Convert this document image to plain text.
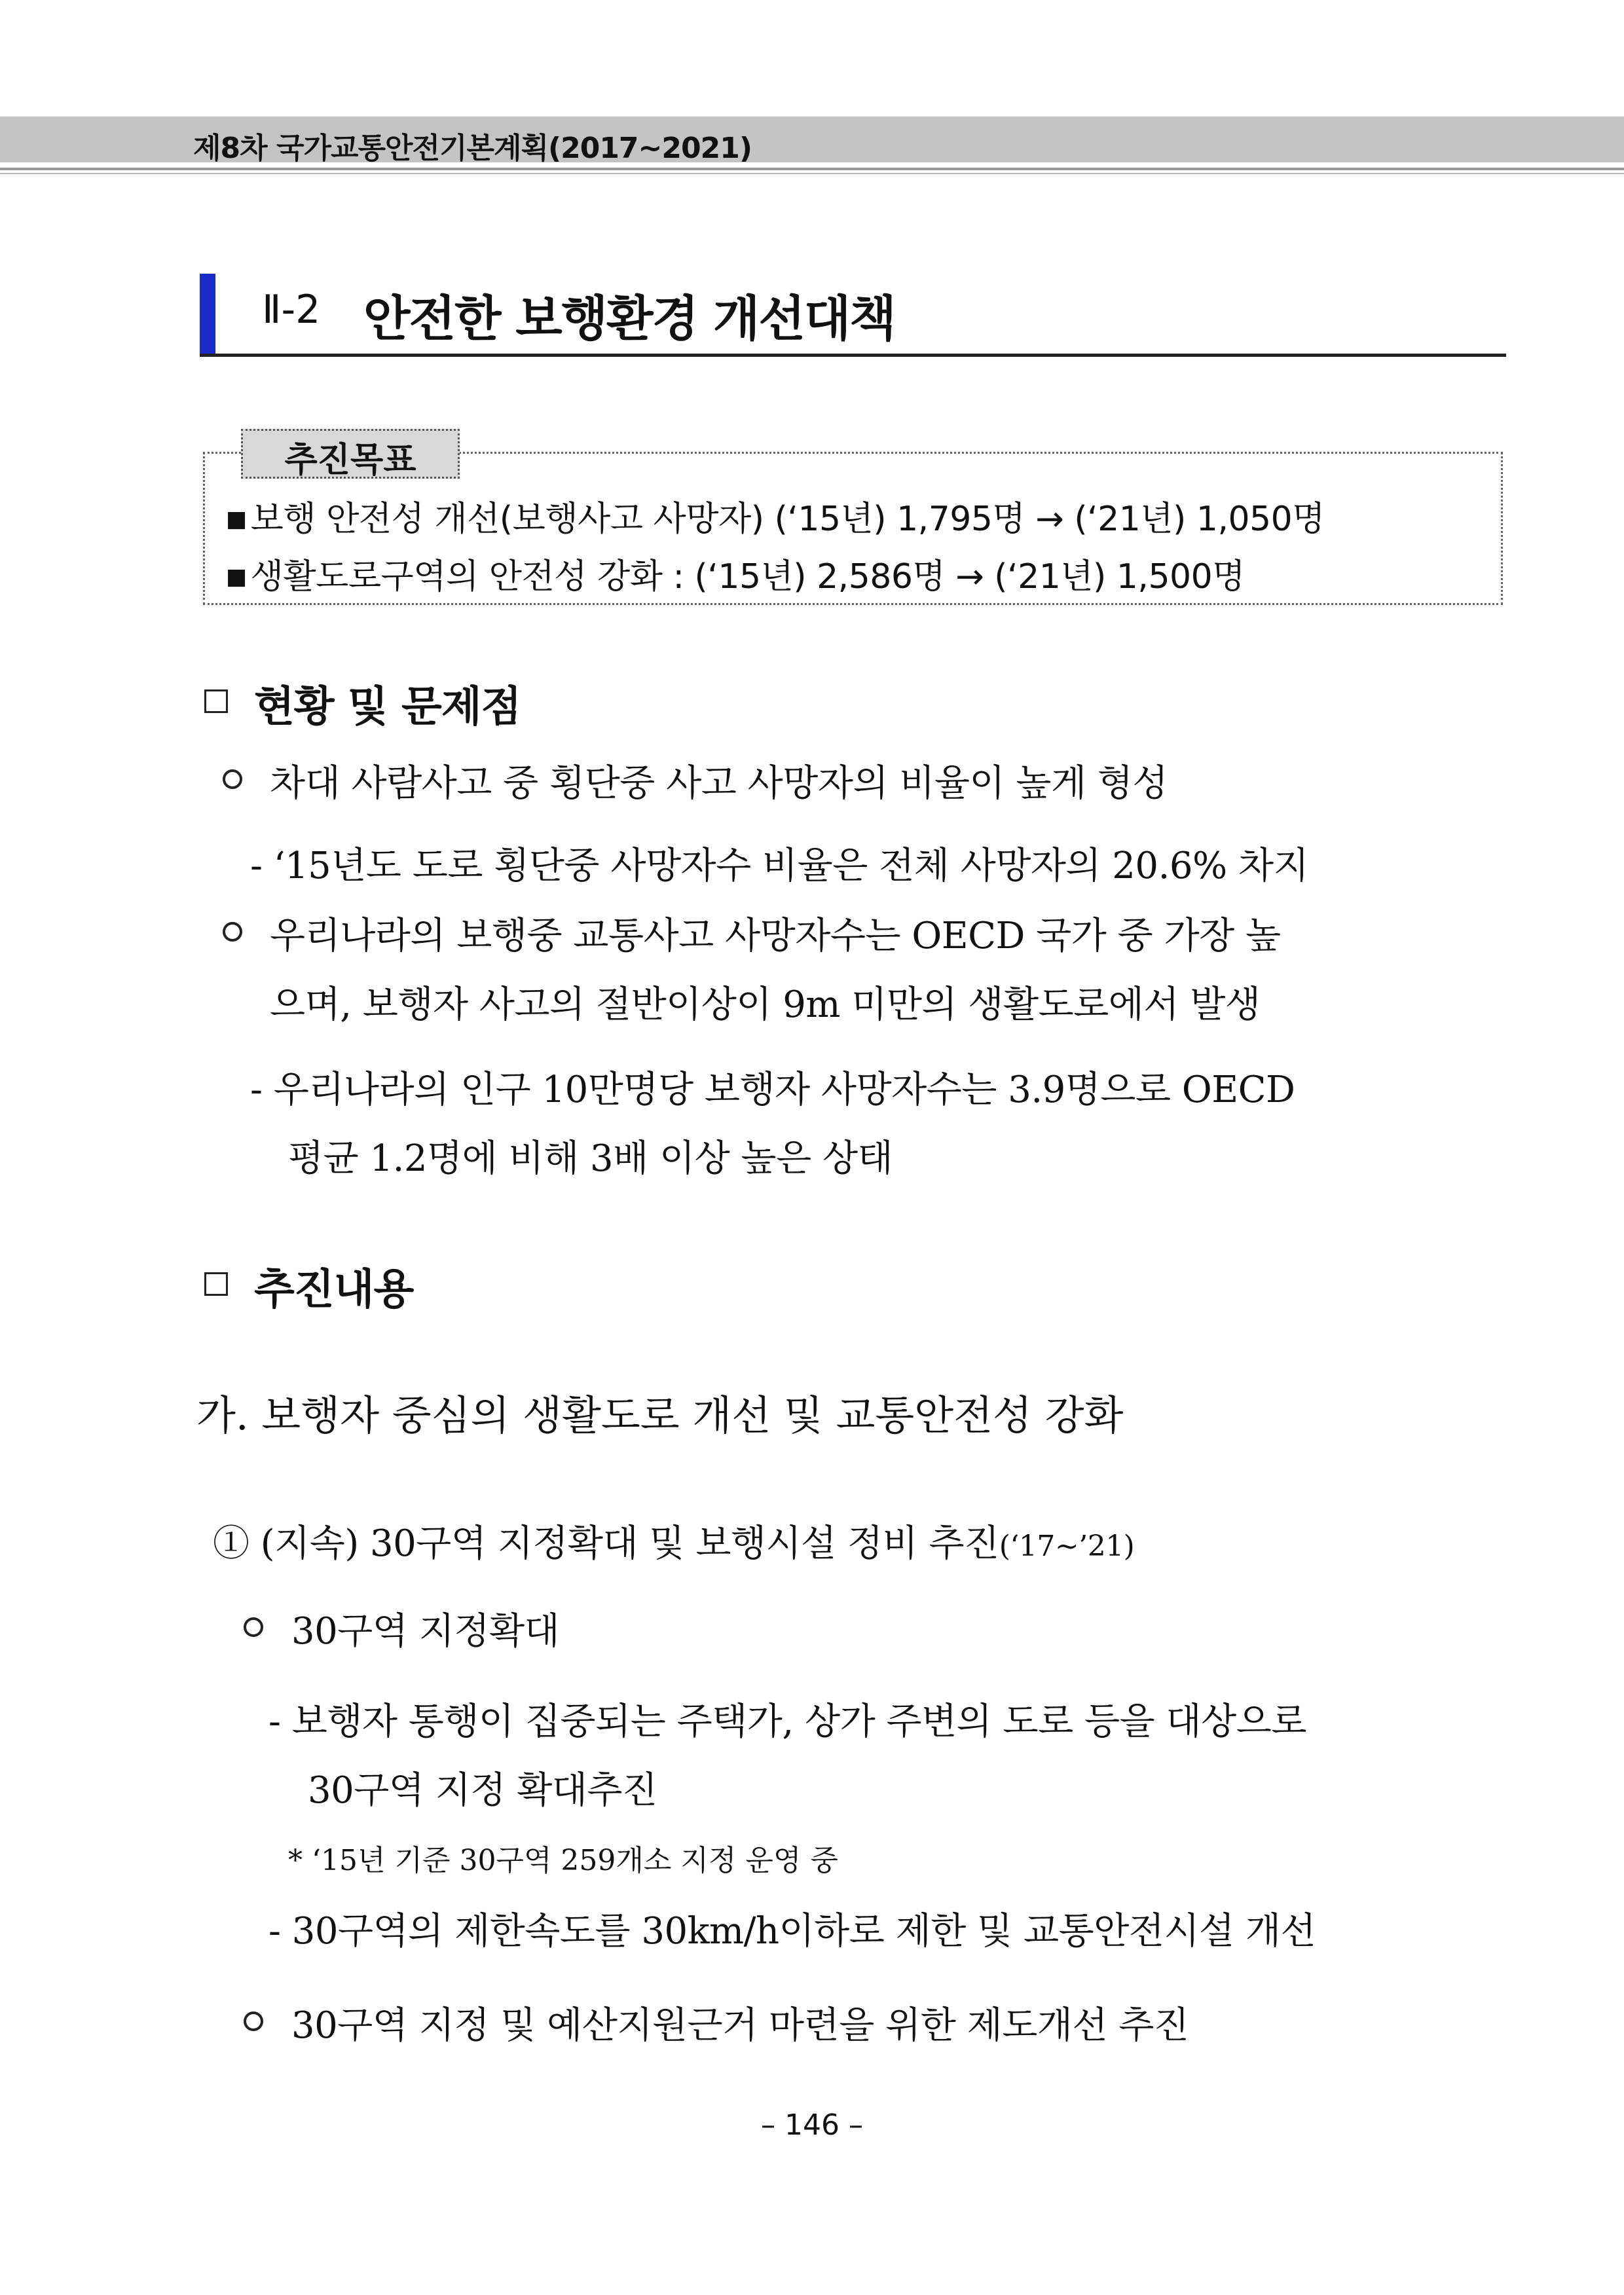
제8차 국가교통안전기본계획(2017~2021)
Ⅱ-2 안전한 보행환경 개선대책
추진목표
■ 보행 안전성 개선(보행사고 사망자) (‘15년) 1,795명 → (‘21년) 1,050명
■ 생활도로구역의 안전성 강화 : (‘15년) 2,586명 → (‘21년) 1,500명
현황 및 문제점
차대 사람사고 중 횡단중 사고 사망자의 비율이 높게 형성
- ‘15년도 도로 횡단중 사망자수 비율은 전체 사망자의 20.6% 차지
우리나라의 보행중 교통사고 사망자수는 OECD 국가 중 가장 높
으며, 보행자 사고의 절반이상이 9m 미만의 생활도로에서 발생
- 우리나라의 인구 10만명당 보행자 사망자수는 3.9명으로 OECD
평균 1.2명에 비해 3배 이상 높은 상태
추진내용
가. 보행자 중심의 생활도로 개선 및 교통안전성 강화
① (지속) 30구역 지정확대 및 보행시설 정비 추진(‘17~’21)
30구역 지정확대
- 보행자 통행이 집중되는 주택가, 상가 주변의 도로 등을 대상으로
30구역 지정 확대추진
* ‘15년 기준 30구역 259개소 지정 운영 중
- 30구역의 제한속도를 30km/h이하로 제한 및 교통안전시설 개선
30구역 지정 및 예산지원근거 마련을 위한 제도개선 추진
– 146 –
